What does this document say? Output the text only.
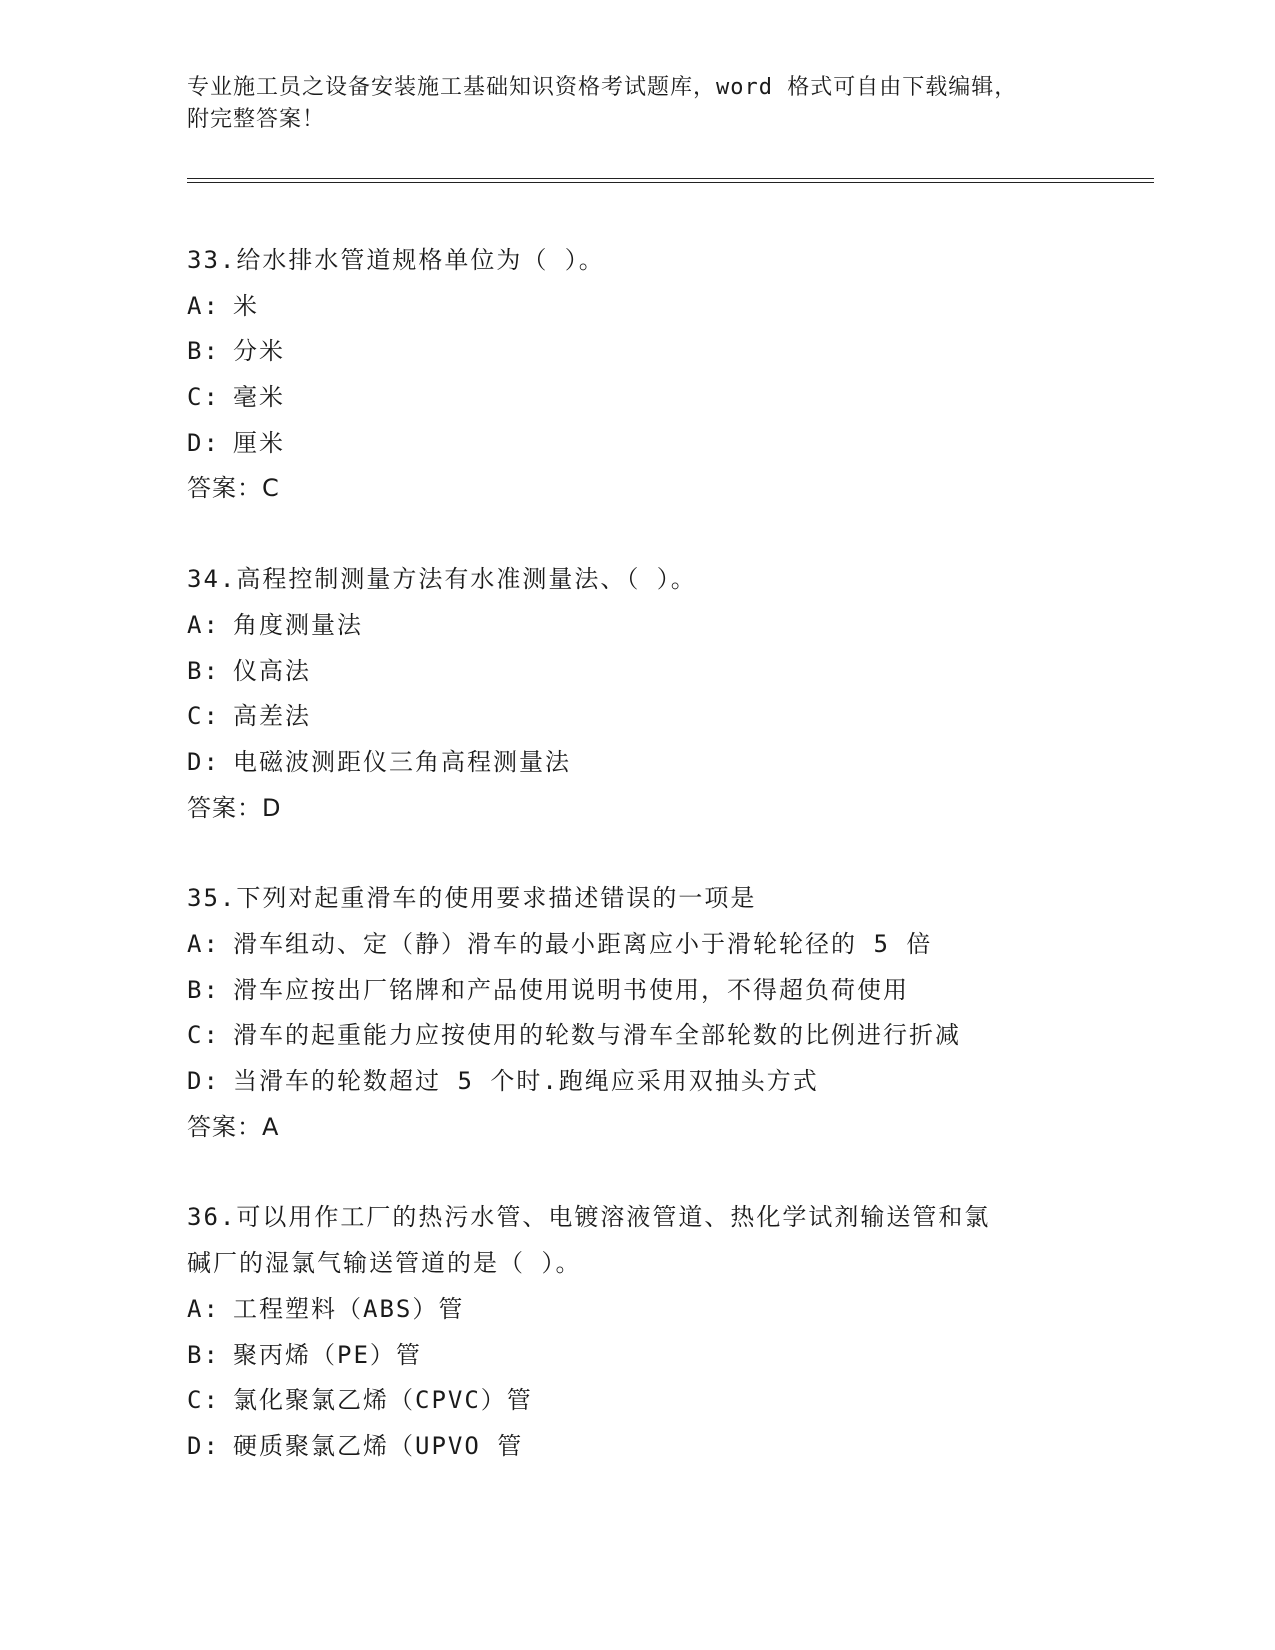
专业施工员之设备安装施工基础知识资格考试题库，word 格式可自由下载编辑，
附完整答案！
33.给水排水管道规格单位为（ ）。
A: 米
B: 分米
C: 毫米
D: 厘米
答案：C
34.高程控制测量方法有水准测量法、（ ）。
A: 角度测量法
B: 仪高法
C: 高差法
D: 电磁波测距仪三角高程测量法
答案：D
35.下列对起重滑车的使用要求描述错误的一项是
A: 滑车组动、定（静）滑车的最小距离应小于滑轮轮径的 5 倍
B: 滑车应按出厂铭牌和产品使用说明书使用，不得超负荷使用
C: 滑车的起重能力应按使用的轮数与滑车全部轮数的比例进行折减
D: 当滑车的轮数超过 5 个时.跑绳应采用双抽头方式
答案：A
36.可以用作工厂的热污水管、电镀溶液管道、热化学试剂输送管和氯
碱厂的湿氯气输送管道的是（ ）。
A: 工程塑料（ABS）管
B: 聚丙烯（PE）管
C: 氯化聚氯乙烯（CPVC）管
D: 硬质聚氯乙烯（UPVO 管
